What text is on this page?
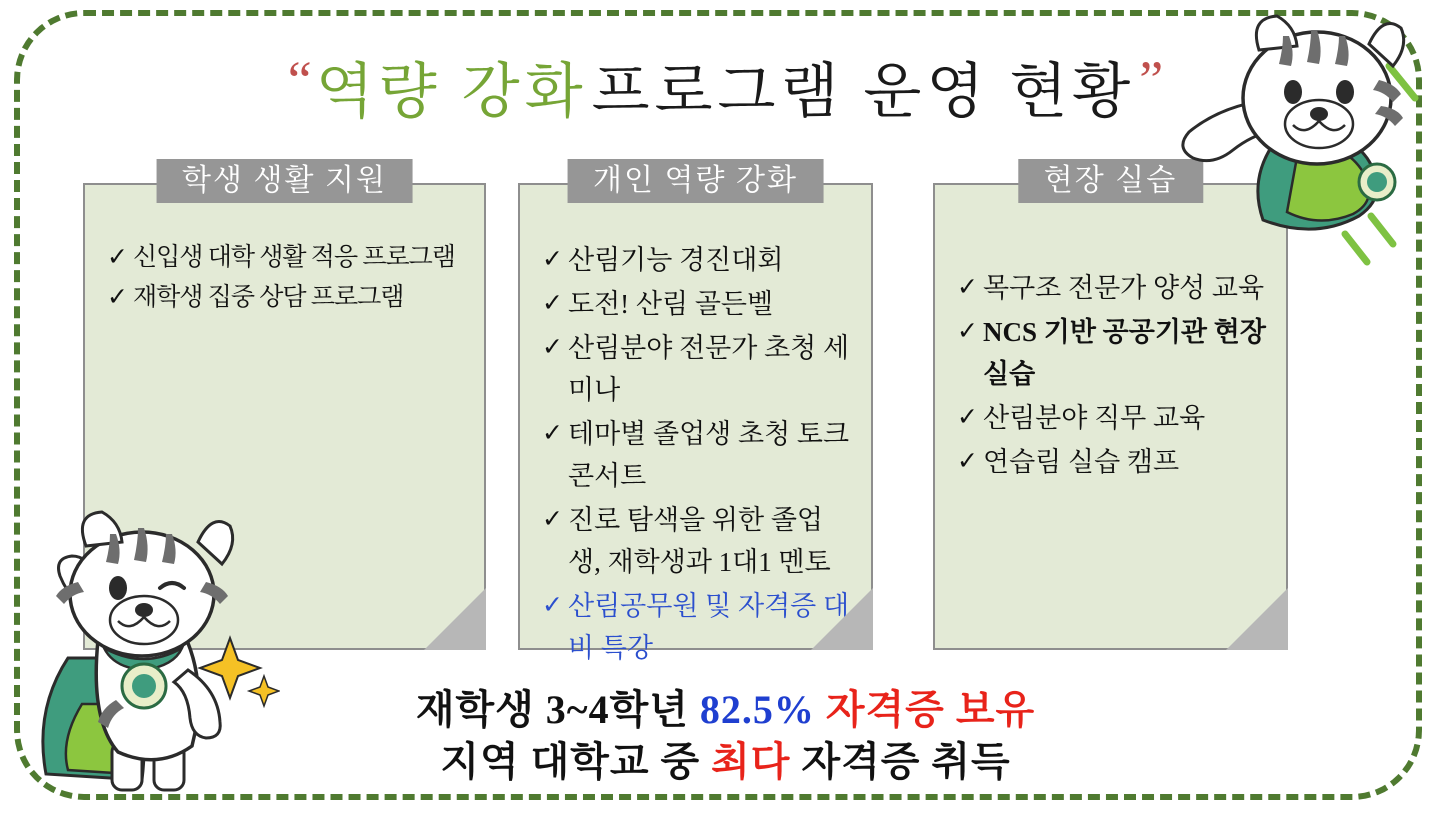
“ 역량 강화 프로그램 운영 현황 ”
학생 생활 지원
✓ 신입생 대학 생활 적응 프로그램
✓ 재학생 집중 상담 프로그램
개인 역량 강화
✓ 산림기능 경진대회
✓ 도전! 산림 골든벨
✓ 산림분야 전문가 초청 세미나
✓ 테마별 졸업생 초청 토크 콘서트
✓ 진로 탐색을 위한 졸업생, 재학생과 1대1 멘토
✓ 산림공무원 및 자격증 대비 특강
현장 실습
✓ 목구조 전문가 양성 교육
✓ NCS 기반 공공기관 현장 실습
✓ 산림분야 직무 교육
✓ 연습림 실습 캠프
재학생 3~4학년 82.5% 자격증 보유
지역 대학교 중 최다 자격증 취득
